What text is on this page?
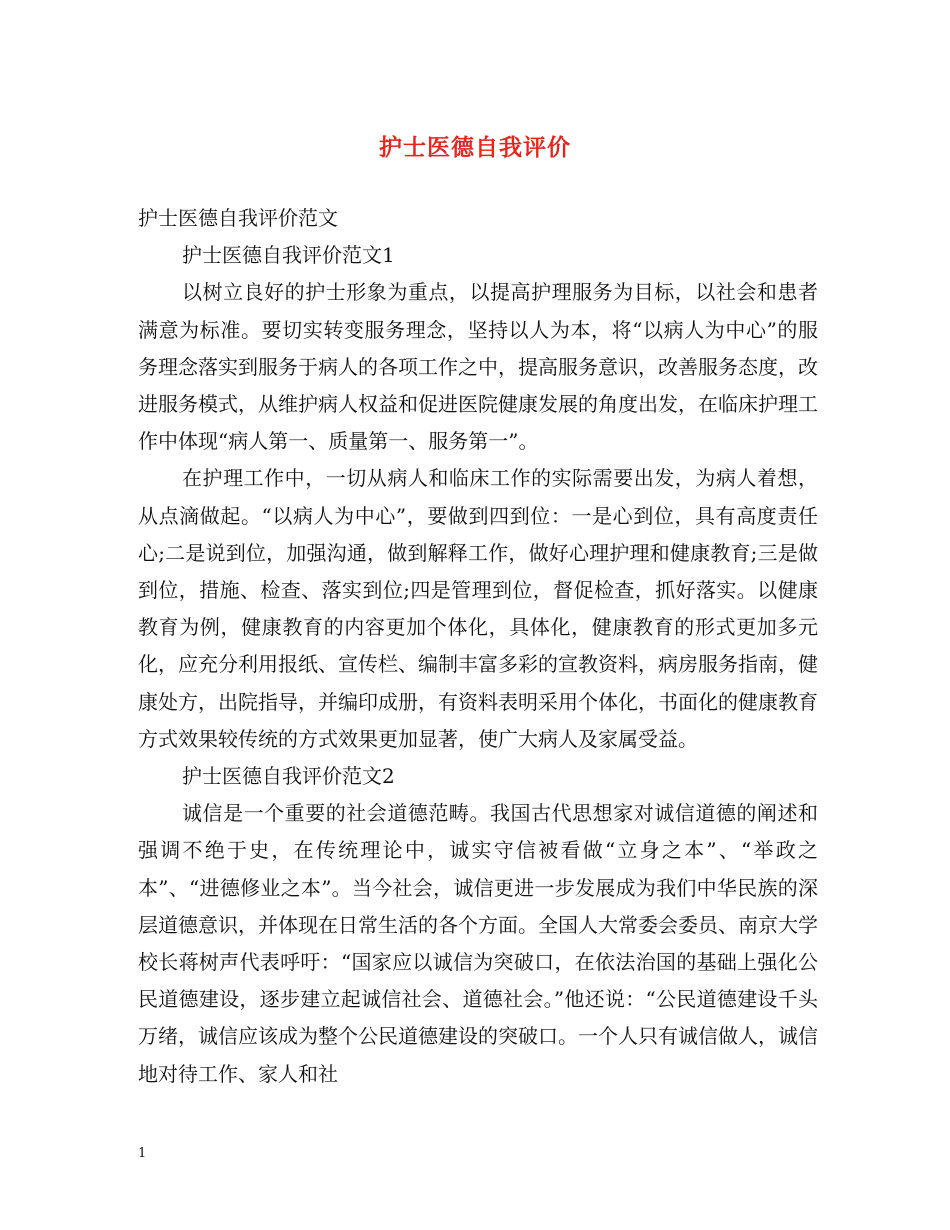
护士医德自我评价

护士医德自我评价范文

护士医德自我评价范文1

以树立良好的护士形象为重点，以提高护理服务为目标，以社会和患者满意为标准。要切实转变服务理念，坚持以人为本，将“以病人为中心”的服务理念落实到服务于病人的各项工作之中，提高服务意识，改善服务态度，改进服务模式，从维护病人权益和促进医院健康发展的角度出发，在临床护理工作中体现“病人第一、质量第一、服务第一”。

在护理工作中，一切从病人和临床工作的实际需要出发，为病人着想，从点滴做起。“以病人为中心”，要做到四到位：一是心到位，具有高度责任心;二是说到位，加强沟通，做到解释工作，做好心理护理和健康教育;三是做到位，措施、检查、落实到位;四是管理到位，督促检查，抓好落实。以健康教育为例，健康教育的内容更加个体化，具体化，健康教育的形式更加多元化，应充分利用报纸、宣传栏、编制丰富多彩的宣教资料，病房服务指南，健康处方，出院指导，并编印成册，有资料表明采用个体化，书面化的健康教育方式效果较传统的方式效果更加显著，使广大病人及家属受益。

护士医德自我评价范文2

诚信是一个重要的社会道德范畴。我国古代思想家对诚信道德的阐述和强调不绝于史，在传统理论中，诚实守信被看做“立身之本”、“举政之本”、“进德修业之本”。当今社会，诚信更进一步发展成为我们中华民族的深层道德意识，并体现在日常生活的各个方面。全国人大常委会委员、南京大学校长蒋树声代表呼吁：“国家应以诚信为突破口，在依法治国的基础上强化公民道德建设，逐步建立起诚信社会、道德社会。”他还说：“公民道德建设千头万绪，诚信应该成为整个公民道德建设的突破口。一个人只有诚信做人，诚信地对待工作、家人和社

1
